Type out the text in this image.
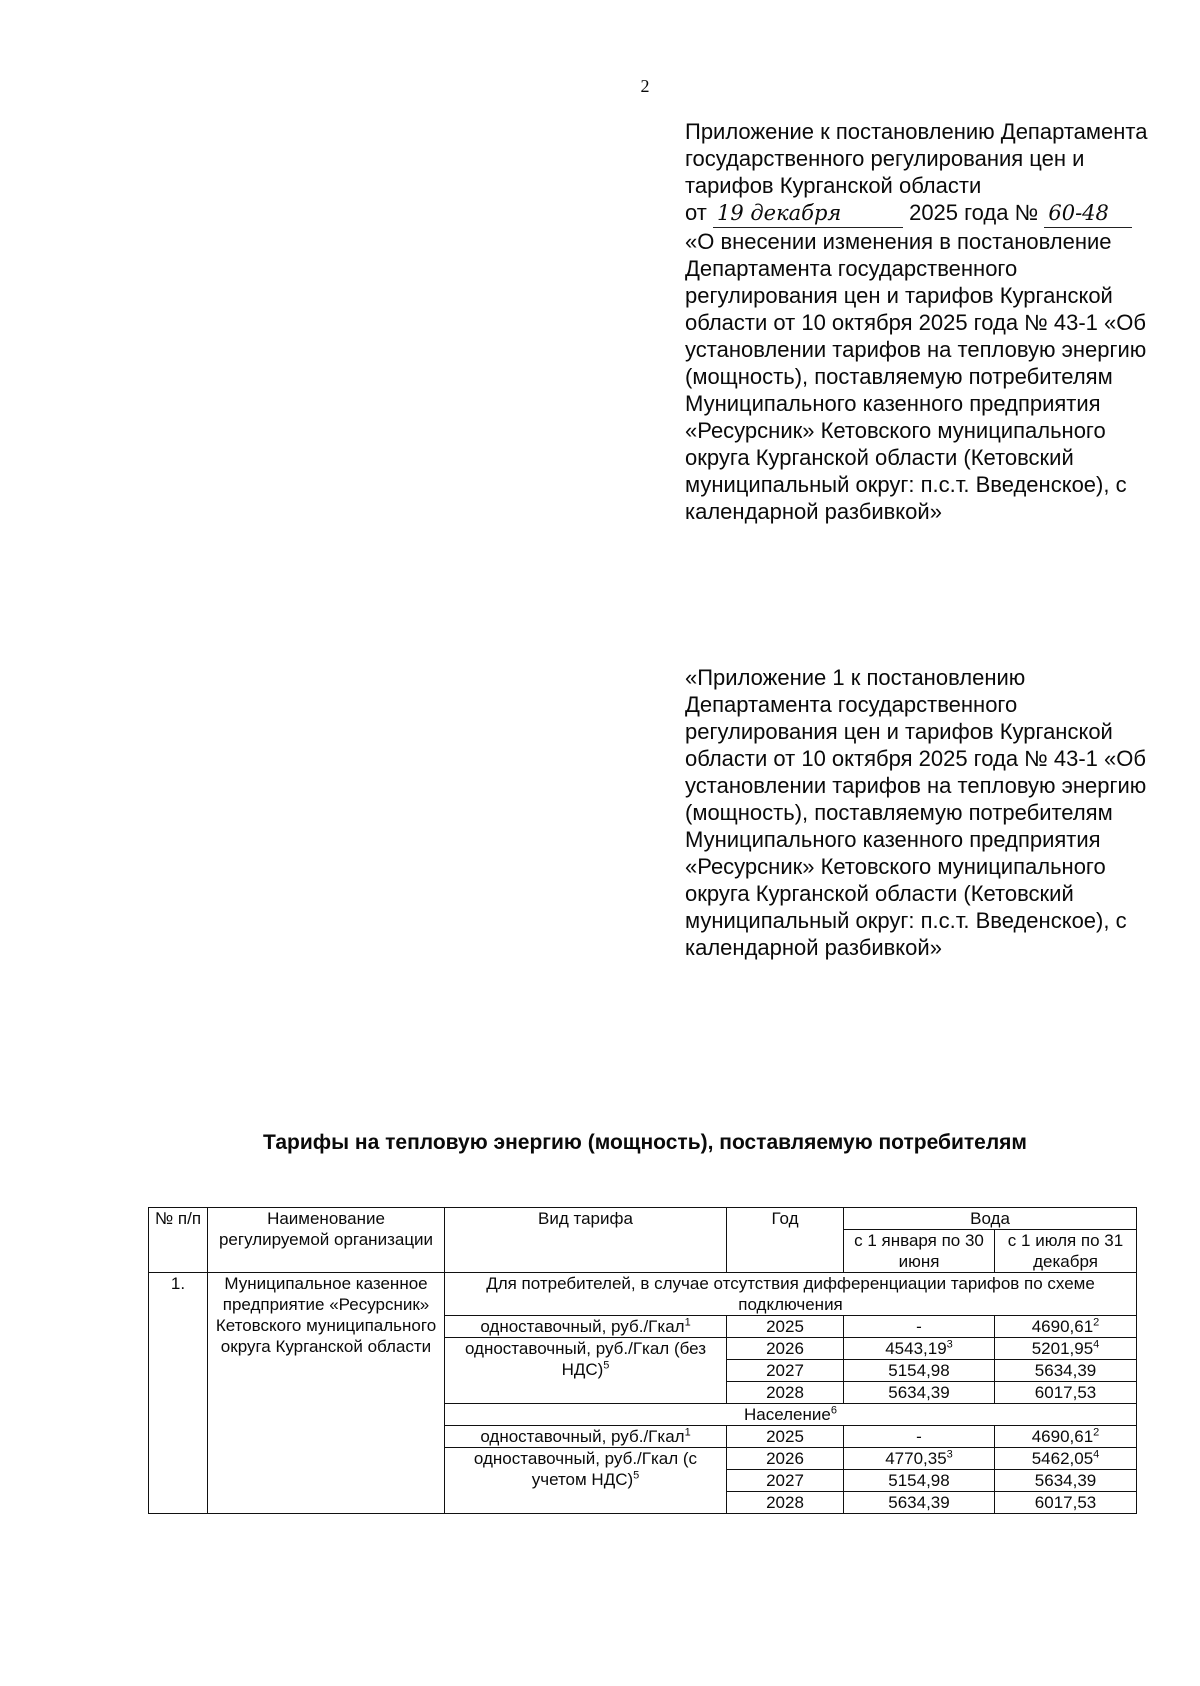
2

Приложение к постановлению Департамента государственного регулирования цен и тарифов Курганской области

от 19 декабря	2025 года № 60-48

«О внесении изменения в постановление Департамента государственного регулирования цен и тарифов Курганской области от 10 октября 2025 года № 43-1 «Об установлении тарифов на тепловую энергию (мощность), поставляемую потребителям Муниципального казенного предприятия «Ресурсник» Кетовского муниципального округа Курганской области (Кетовский муниципальный округ: п.с.т. Введенское), с календарной разбивкой»

«Приложение 1 к постановлению Департамента государственного регулирования цен и тарифов Курганской области от 10 октября 2025 года № 43-1 «Об установлении тарифов на тепловую энергию (мощность), поставляемую потребителям Муниципального казенного предприятия «Ресурсник» Кетовского муниципального округа Курганской области (Кетовский муниципальный округ: п.с.т. Введенское), с календарной разбивкой»

Тарифы на тепловую энергию (мощность), поставляемую потребителям
№ п/п	Наименование регулируемой организации	Вид тарифа	Год	Вода	
				с 1 января по 30 июня	с 1 июля по 31 декабря
1.	Муниципальное казенное предприятие «Ресурсник» Кетовского муниципального округа Курганской области	Для потребителей, в случае отсутствия дифференциации тарифов по схеме подключения			
		одноставочный, руб./Гкал$^1$	2025	-	4690,61$^2$
		одноставочный, руб./Гкал (без НДС)$^5$	2026	4543,19$^3$	5201,95$^4$
			2027	5154,98	5634,39
			2028	5634,39	6017,53
		Население$^6$
		одноставочный, руб./Гкал$^1$	2025	-	4690,61$^2$
		одноставочный, руб./Гкал (с учетом НДС)$^5$	2026	4770,35$^3$	5462,05$^4$
			2027	5154,98	5634,39
			2028	5634,39	6017,53
